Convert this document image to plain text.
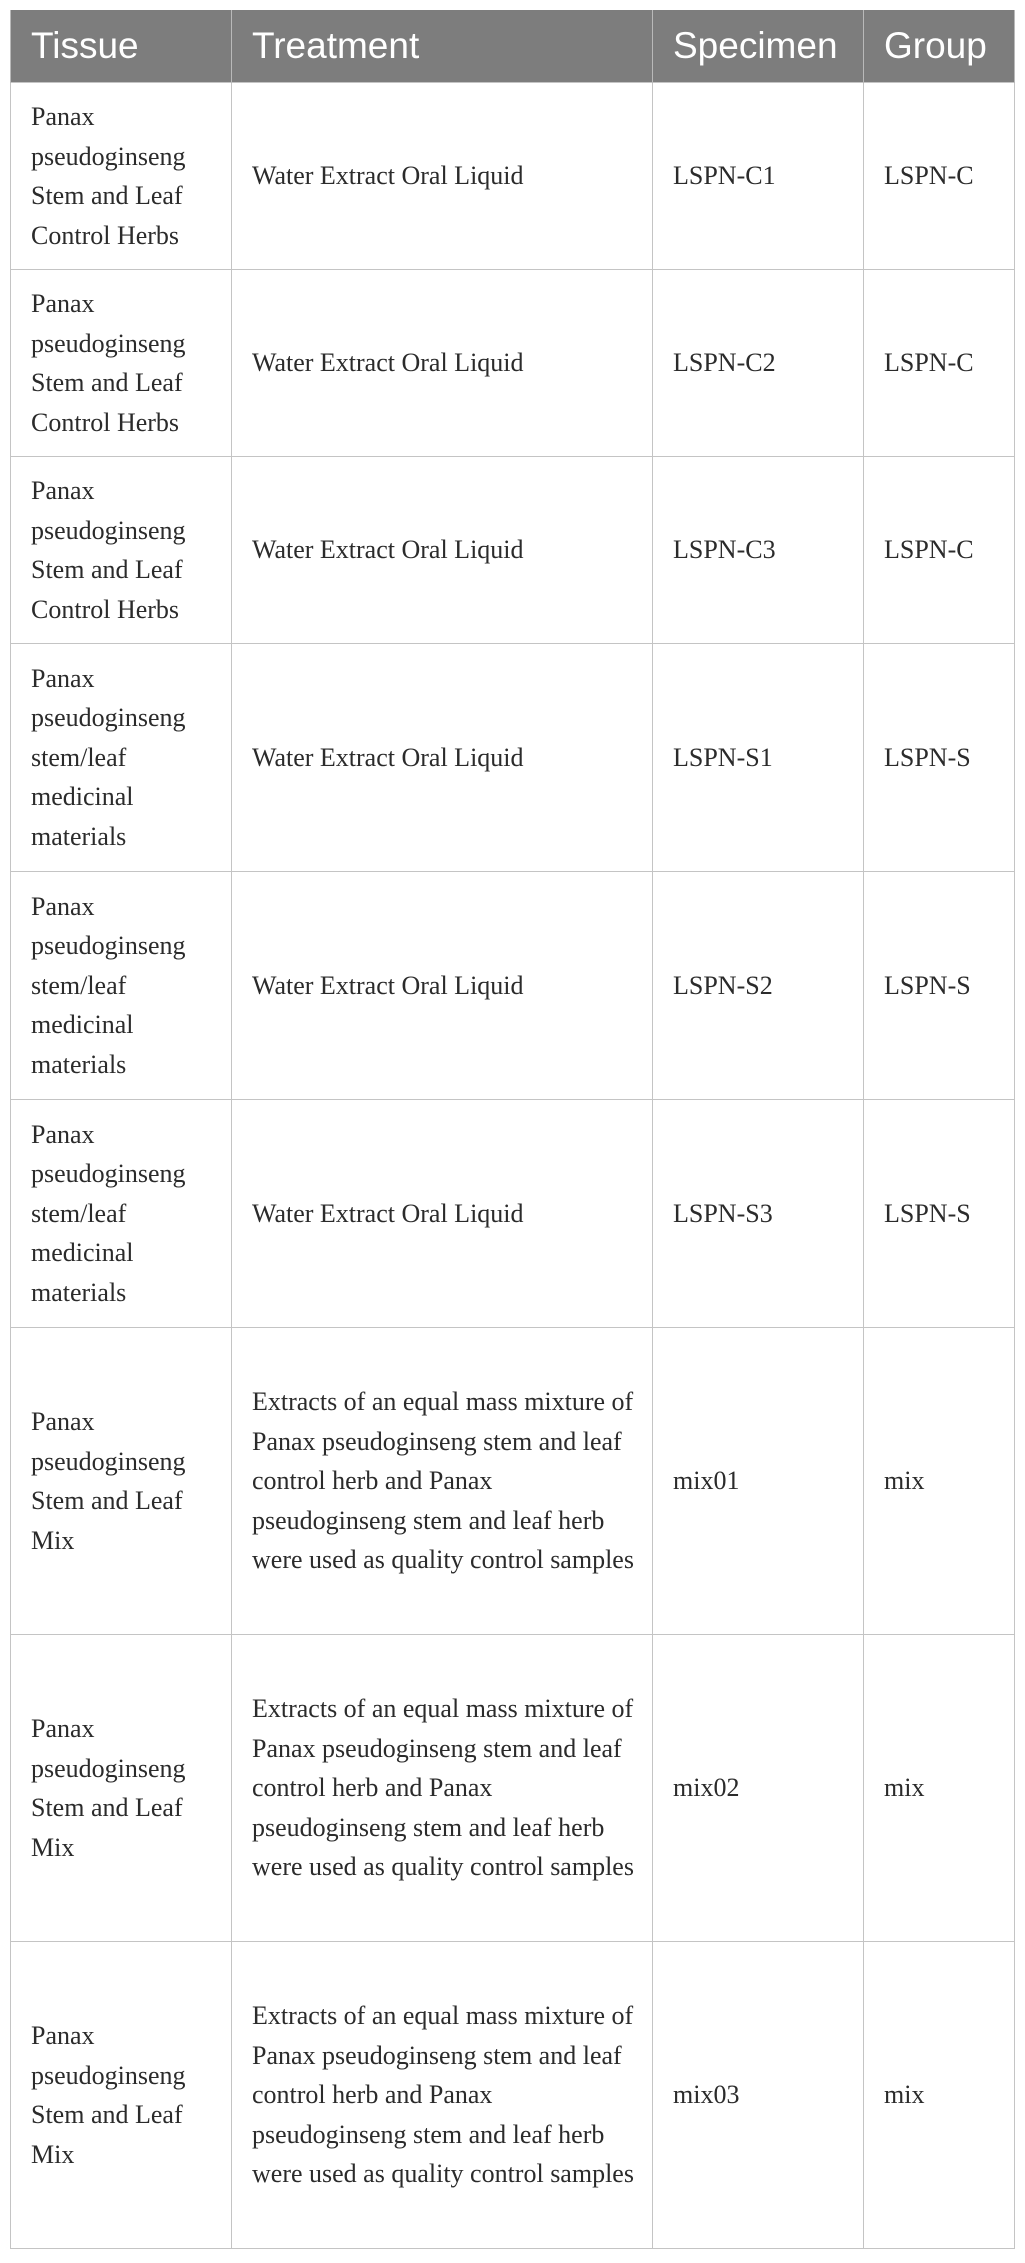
Tissue	Treatment	Specimen	Group
Panax pseudoginseng Stem and Leaf Control Herbs	Water Extract Oral Liquid	LSPN-C1	LSPN-C
Panax pseudoginseng Stem and Leaf Control Herbs	Water Extract Oral Liquid	LSPN-C2	LSPN-C
Panax pseudoginseng Stem and Leaf Control Herbs	Water Extract Oral Liquid	LSPN-C3	LSPN-C
Panax pseudoginseng stem/leaf medicinal materials	Water Extract Oral Liquid	LSPN-S1	LSPN-S
Panax pseudoginseng stem/leaf medicinal materials	Water Extract Oral Liquid	LSPN-S2	LSPN-S
Panax pseudoginseng stem/leaf medicinal materials	Water Extract Oral Liquid	LSPN-S3	LSPN-S
Panax pseudoginseng Stem and Leaf Mix	Extracts of an equal mass mixture of Panax pseudoginseng stem and leaf control herb and Panax pseudoginseng stem and leaf herb were used as quality control samples	mix01	mix
Panax pseudoginseng Stem and Leaf Mix	Extracts of an equal mass mixture of Panax pseudoginseng stem and leaf control herb and Panax pseudoginseng stem and leaf herb were used as quality control samples	mix02	mix
Panax pseudoginseng Stem and Leaf Mix	Extracts of an equal mass mixture of Panax pseudoginseng stem and leaf control herb and Panax pseudoginseng stem and leaf herb were used as quality control samples	mix03	mix
